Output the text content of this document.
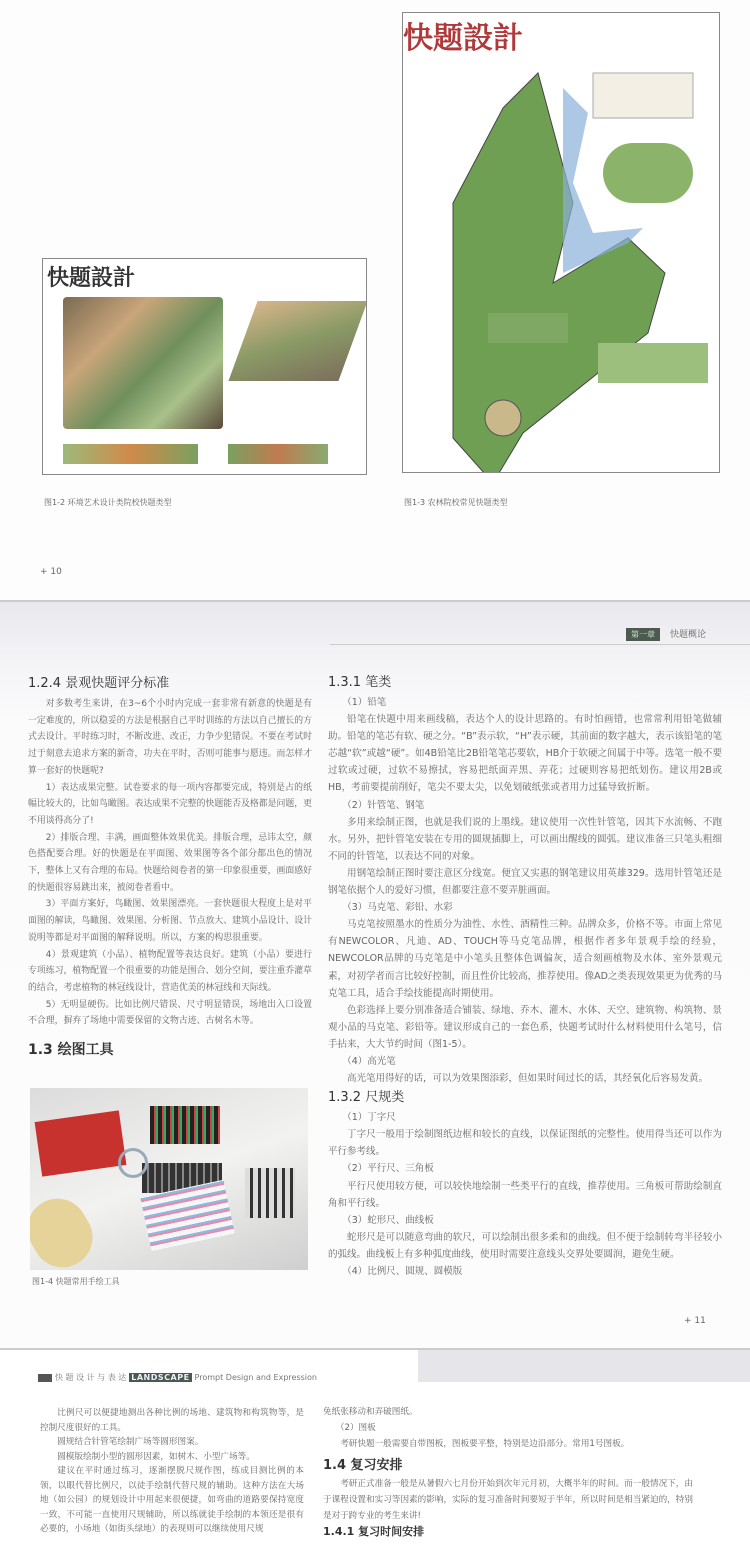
快题設計
快题設計
图1-2 环境艺术设计类院校快题类型	图1-3 农林院校常见快题类型
+ 10
第一章	快题概论
1.2.4 景观快题评分标准

对多数考生来讲，在3~6个小时内完成一套非常有新意的快题是有一定难度的，所以稳妥的方法是根据自己平时训练的方法以自己擅长的方式去设计。平时练习时，不断改进、改正，力争少犯错误。不要在考试时过于刻意去追求方案的新奇，功夫在平时，否则可能事与愿违。而怎样才算一套好的快题呢?

1）表达成果完整。试卷要求的每一项内容都要完成，特别是占的纸幅比较大的，比如鸟瞰图。表达成果不完整的快题能否及格都是问题，更不用谈得高分了!

2）排版合理、丰满，画面整体效果优美。排版合理，忌讳太空，颜色搭配要合理。好的快题是在平面图、效果图等各个部分都出色的情况下，整体上又有合理的布局。快题给阅卷者的第一印象很重要，画面感好的快题很容易跳出来，被阅卷者看中。

3）平面方案好，鸟瞰图、效果图漂亮。一套快题很大程度上是对平面图的解读，鸟瞰图、效果图、分析图、节点放大、建筑小品设计、设计说明等都是对平面图的解释说明。所以，方案的构思很重要。

4）景观建筑（小品）、植物配置等表达良好。建筑（小品）要进行专项练习，植物配置一个很重要的功能是围合、划分空间，要注重乔灌草的结合，考虑植物的林冠线设计，营造优美的林冠线和天际线。

5）无明显硬伤。比如比例尺错误、尺寸明显错误，场地出入口设置不合理，摒弃了场地中需要保留的文物古迹、古树名木等。

1.3 绘图工具
图1-4 快题常用手绘工具
1.3.1 笔类

（1）铅笔

铅笔在快题中用来画线稿，表达个人的设计思路的。有时怕画错，也常常利用铅笔做辅助。铅笔的笔芯有软、硬之分。“B”表示软，“H”表示硬，其前面的数字越大，表示该铅笔的笔芯越“软”或越“硬”。如4B铅笔比2B铅笔笔芯要软，HB介于软硬之间属于中等。选笔一般不要过软或过硬，过软不易擦拭，容易把纸面弄黑、弄花；过硬则容易把纸划伤。建议用2B或HB，考前要提前削好，笔尖不要太尖，以免划破纸张或者用力过猛导致折断。

（2）针管笔、钢笔

多用来绘制正图，也就是我们说的上墨线。建议使用一次性针管笔，因其下水流畅、不跑水。另外，把针管笔安装在专用的圆规插脚上，可以画出醒线的圆弧。建议准备三只笔头粗细不同的针管笔，以表达不同的对象。

用钢笔绘制正图时要注意区分线宽。便宜又实惠的钢笔建议用英雄329。选用针管笔还是钢笔依据个人的爱好习惯，但都要注意不要弄脏画面。

（3）马克笔、彩铅、水彩

马克笔按照墨水的性质分为油性、水性、酒精性三种。品牌众多，价格不等。市面上常见有NEWCOLOR、凡迪、AD、TOUCH等马克笔品牌，根据作者多年景观手绘的经验，NEWCOLOR品牌的马克笔是中小笔头且整体色调偏灰，适合刻画植物及水体、室外景观元素，对初学者而言比较好控制，而且性价比较高，推荐使用。像AD之类表现效果更为优秀的马克笔工具，适合手绘技能提高时期使用。

色彩选择上要分别准备适合铺装、绿地、乔木、灌木、水体、天空、建筑物、构筑物、景观小品的马克笔、彩铅等。建议形成自己的一套色系，快题考试时什么材料使用什么笔号，信手拈来，大大节约时间（图1-5）。

（4）高光笔

高光笔用得好的话，可以为效果图添彩，但如果时间过长的话，其经氧化后容易发黄。

1.3.2 尺规类

（1）丁字尺

丁字尺一般用于绘制图纸边框和较长的直线，以保证图纸的完整性。使用得当还可以作为平行参考线。

（2）平行尺、三角板

平行尺使用较方便，可以较快地绘制一些类平行的直线，推荐使用。三角板可帮助绘制直角和平行线。

（3）蛇形尺、曲线板

蛇形尺是可以随意弯曲的软尺，可以绘制出很多柔和的曲线。但不便于绘制转弯半径较小的弧线。曲线板上有多种弧度曲线，使用时需要注意线头交界处要圆润，避免生硬。

（4）比例尺、圆规、圆模版

+ 11
快 题 设 计 与 表 达 LANDSCAPE Prompt Design and Expression

比例尺可以便捷地测出各种比例的场地、建筑物和构筑物等，是控制尺度很好的工具。

圆规结合针管笔绘制广场等圆形图案。

圆模版绘制小型的圆形因素，如树木、小型广场等。

建议在平时通过练习，逐渐摆脱尺规作图，练成目测比例的本领，以眼代替比例尺，以徒手绘制代替尺规的辅助。这种方法在大场地（如公园）的规划设计中用起来很便捷，如弯曲的道路要保持宽度一致，不可能一直使用尺规辅助，所以练就徒手绘制的本领还是很有必要的，小场地（如街头绿地）的表现则可以继续使用尺规

免纸张移动和弄破图纸。

（2）图板

考研快题一般需要自带图板，图板要平整，特别是边沿部分。常用1号图板。

1.4 复习安排

考研正式准备一般是从暑假六七月份开始到次年元月初，大概半年的时间。而一般情况下，由于课程设置和实习等因素的影响，实际的复习准备时间要短于半年，所以时间是相当紧迫的，特别是对于跨专业的考生来讲!

1.4.1 复习时间安排
